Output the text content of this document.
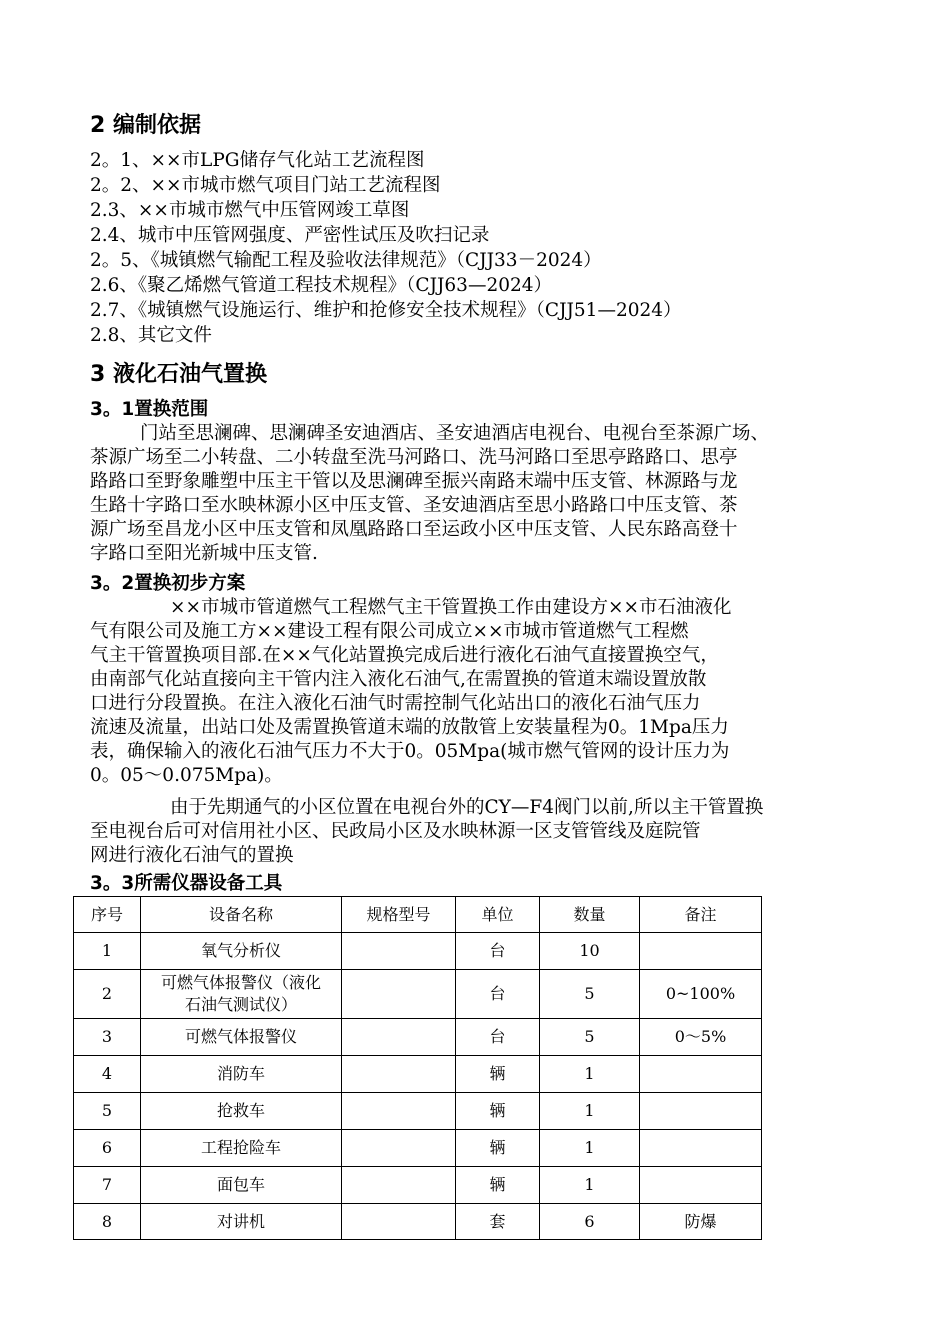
2 编制依据
2。1、××市LPG储存气化站工艺流程图
2。2、××市城市燃气项目门站工艺流程图
2.3、××市城市燃气中压管网竣工草图
2.4、城市中压管网强度、严密性试压及吹扫记录
2。5、《城镇燃气输配工程及验收法律规范》（CJJ33－2024）
2.6、《聚乙烯燃气管道工程技术规程》（CJJ63—2024）
2.7、《城镇燃气设施运行、维护和抢修安全技术规程》（CJJ51—2024）
2.8、其它文件
3 液化石油气置换
3。1置换范围
门站至思澜碑、思澜碑圣安迪酒店、圣安迪酒店电视台、电视台至茶源广场、
茶源广场至二小转盘、二小转盘至洗马河路口、洗马河路口至思亭路路口、思亭
路路口至野象雕塑中压主干管以及思澜碑至振兴南路末端中压支管、林源路与龙
生路十字路口至水映林源小区中压支管、圣安迪酒店至思小路路口中压支管、茶
源广场至昌龙小区中压支管和凤凰路路口至运政小区中压支管、人民东路高登十
字路口至阳光新城中压支管.
3。2置换初步方案
××市城市管道燃气工程燃气主干管置换工作由建设方××市石油液化
气有限公司及施工方××建设工程有限公司成立××市城市管道燃气工程燃
气主干管置换项目部.在××气化站置换完成后进行液化石油气直接置换空气，
由南部气化站直接向主干管内注入液化石油气,在需置换的管道末端设置放散
口进行分段置换。在注入液化石油气时需控制气化站出口的液化石油气压力
流速及流量，出站口处及需置换管道末端的放散管上安装量程为0。1Mpa压力
表，确保输入的液化石油气压力不大于0。05Mpa(城市燃气管网的设计压力为
0。05～0.075Mpa)。
由于先期通气的小区位置在电视台外的CY—F4阀门以前,所以主干管置换
至电视台后可对信用社小区、民政局小区及水映林源一区支管管线及庭院管
网进行液化石油气的置换
3。3所需仪器设备工具
序号	设备名称	规格型号	单位	数量	备注
1	氧气分析仪		台	10	
2	可燃气体报警仪（液化石油气测试仪）		台	5	0~100%
3	可燃气体报警仪		台	5	0～5%
4	消防车		辆	1	
5	抢救车		辆	1	
6	工程抢险车		辆	1	
7	面包车		辆	1	
8	对讲机		套	6	防爆
